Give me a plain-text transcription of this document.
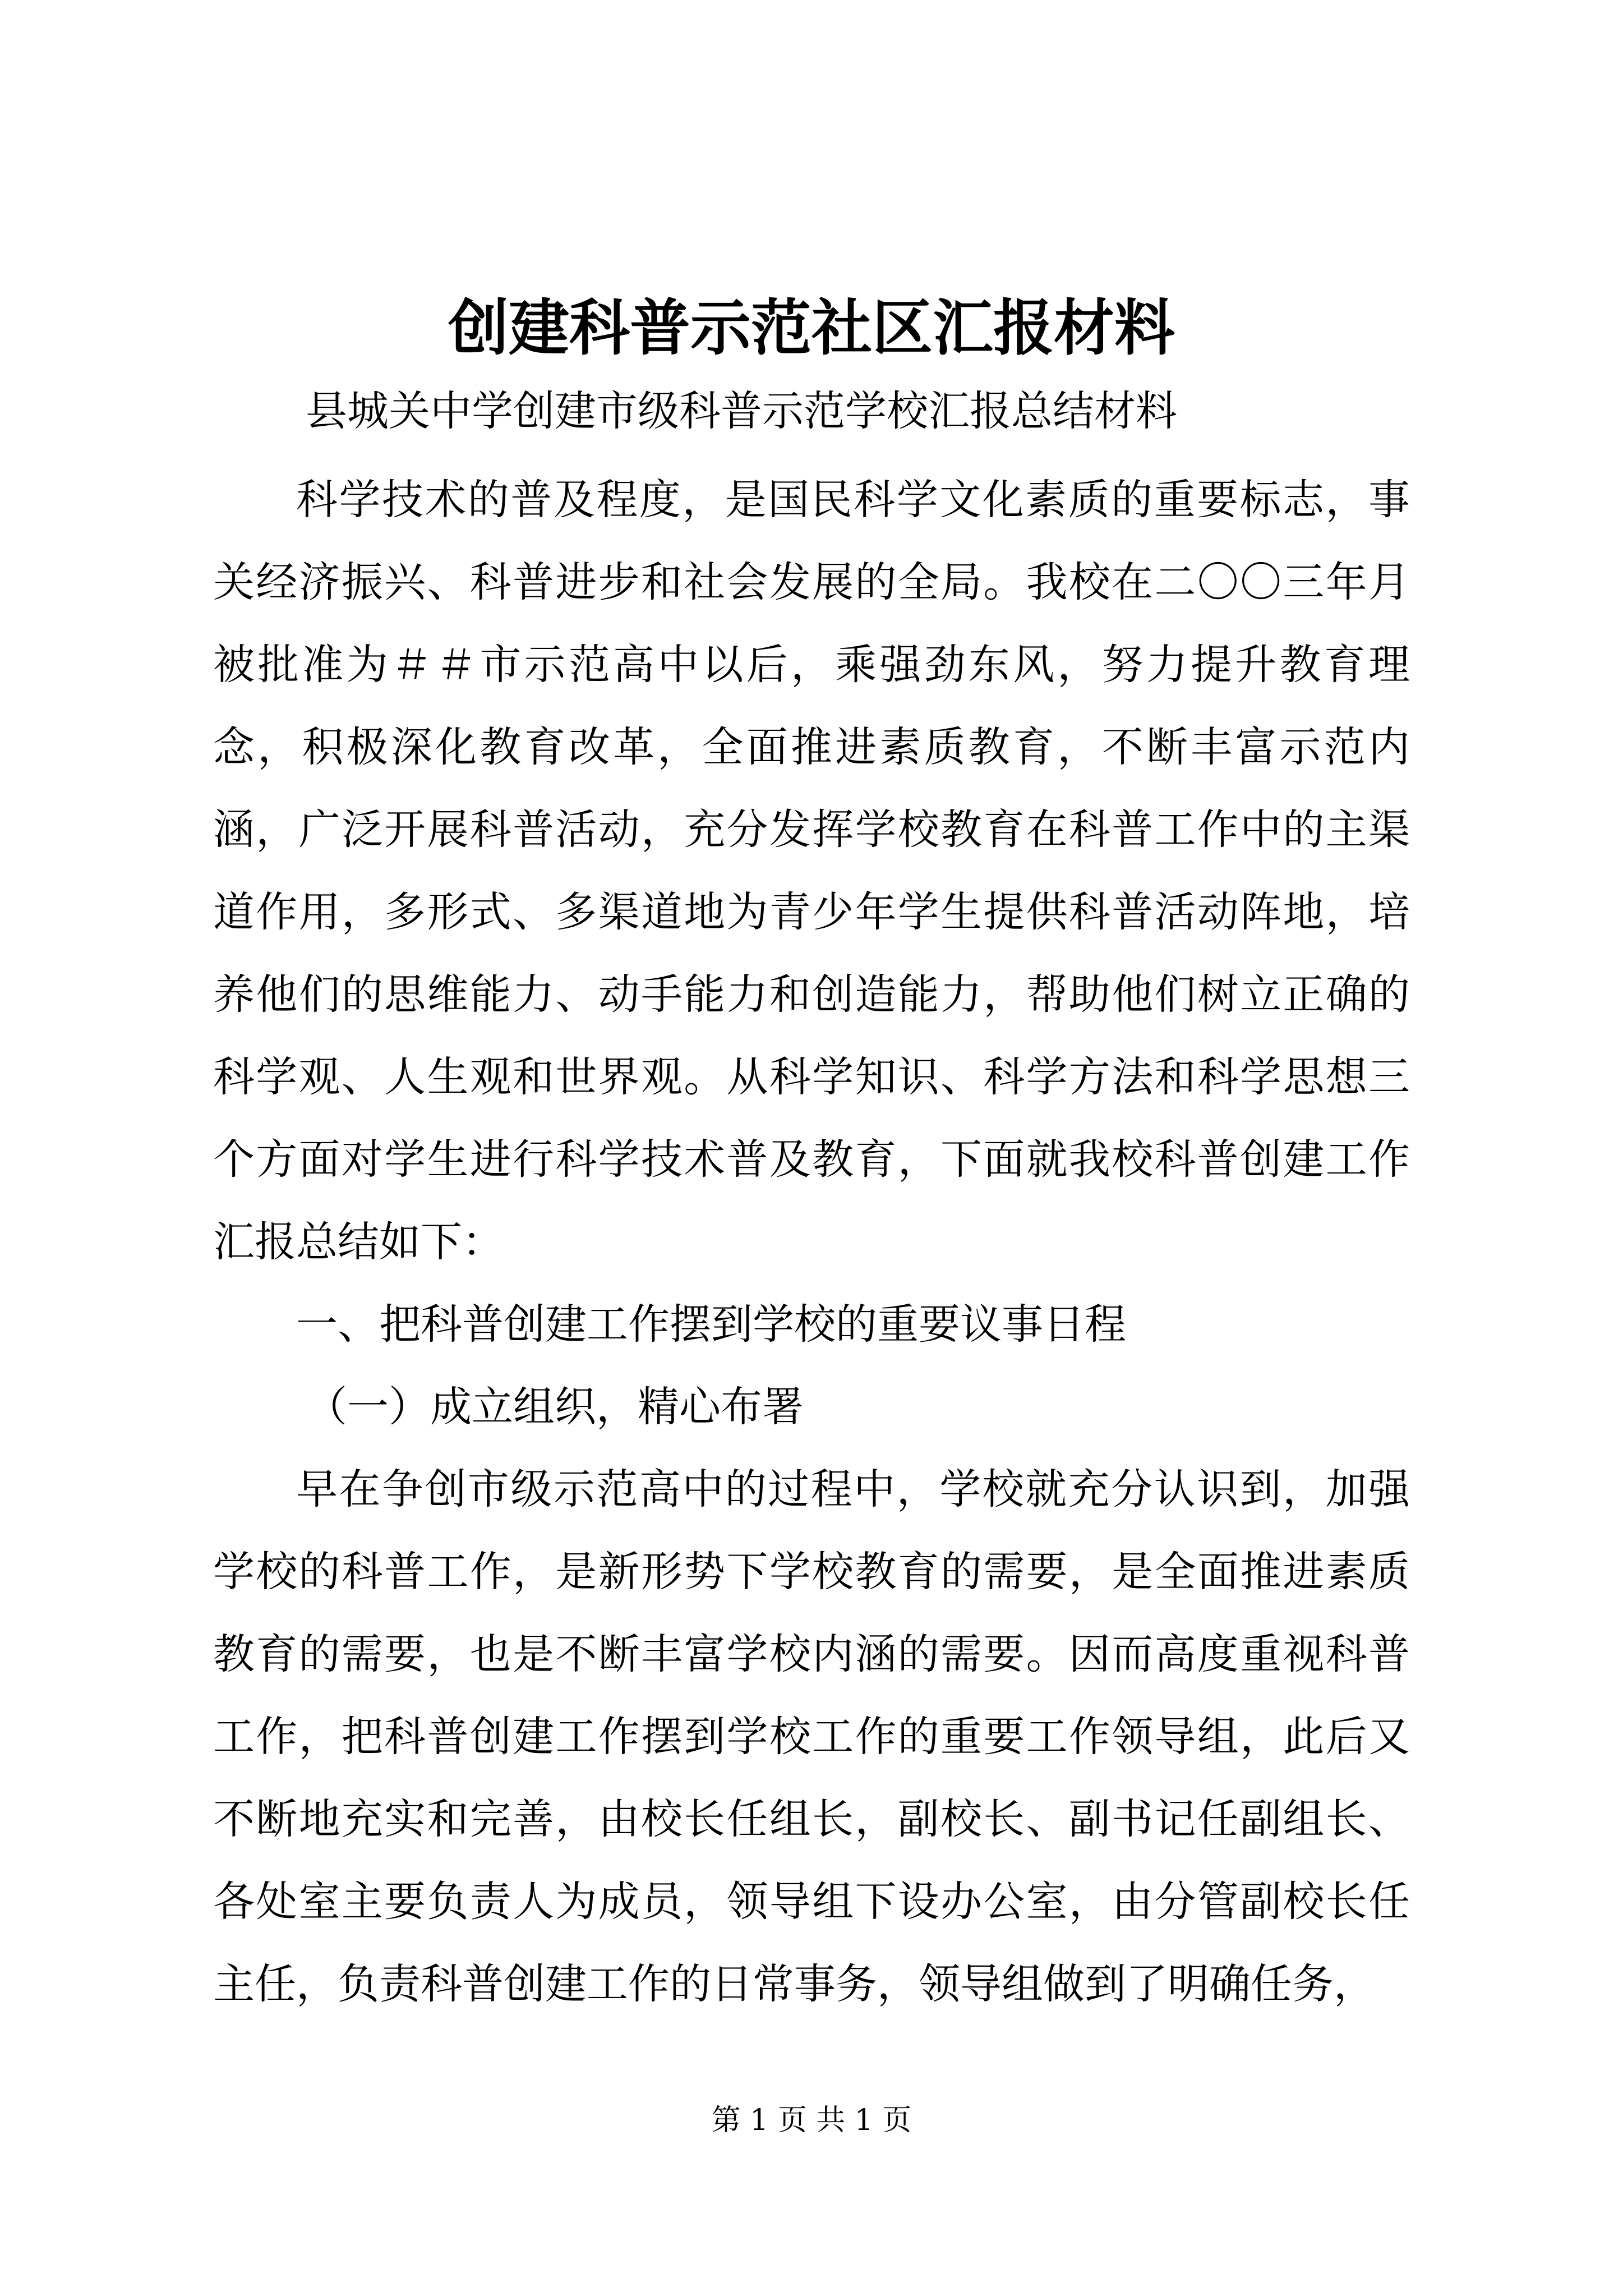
创建科普示范社区汇报材料

县城关中学创建市级科普示范学校汇报总结材料

科学技术的普及程度，是国民科学文化素质的重要标志，事关经济振兴、科普进步和社会发展的全局。我校在二〇〇三年月被批准为＃＃市示范高中以后，乘强劲东风，努力提升教育理念，积极深化教育改革，全面推进素质教育，不断丰富示范内涵，广泛开展科普活动，充分发挥学校教育在科普工作中的主渠道作用，多形式、多渠道地为青少年学生提供科普活动阵地，培养他们的思维能力、动手能力和创造能力，帮助他们树立正确的科学观、人生观和世界观。从科学知识、科学方法和科学思想三个方面对学生进行科学技术普及教育，下面就我校科普创建工作汇报总结如下：

一、把科普创建工作摆到学校的重要议事日程

（一）成立组织，精心布署

早在争创市级示范高中的过程中，学校就充分认识到，加强学校的科普工作，是新形势下学校教育的需要，是全面推进素质教育的需要，也是不断丰富学校内涵的需要。因而高度重视科普工作，把科普创建工作摆到学校工作的重要工作领导组，此后又不断地充实和完善，由校长任组长，副校长、副书记任副组长、各处室主要负责人为成员，领导组下设办公室，由分管副校长任主任，负责科普创建工作的日常事务，领导组做到了明确任务，

第 1 页 共 1 页
